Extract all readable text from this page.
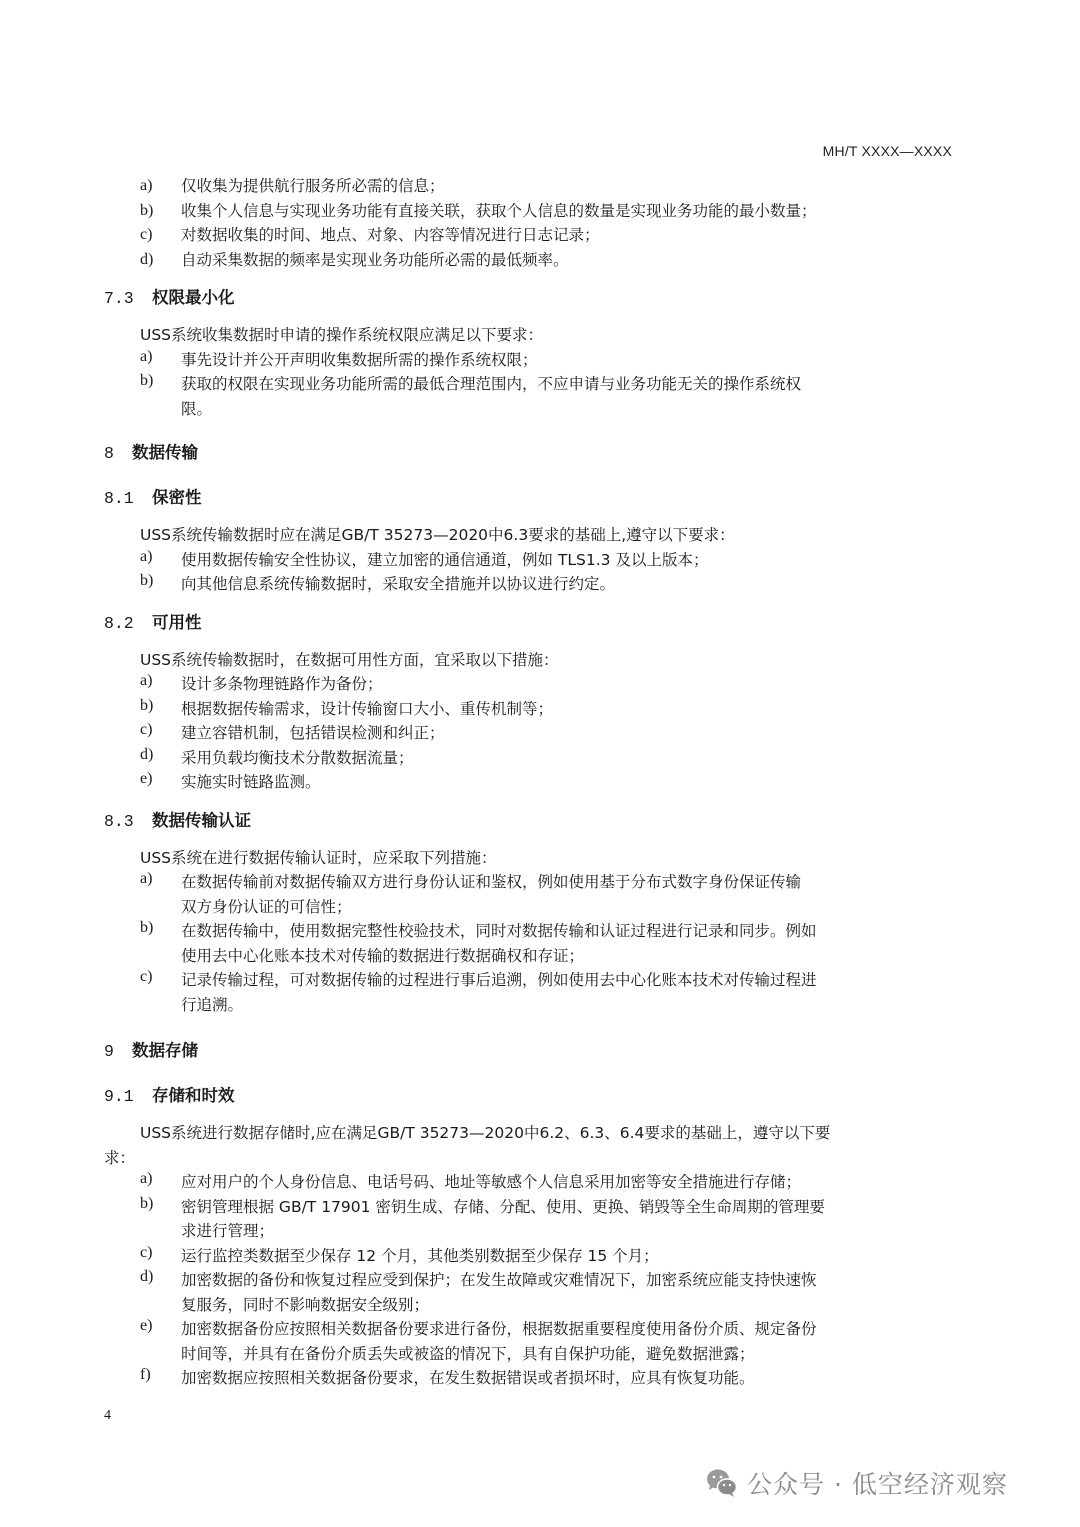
MH/T XXXX—XXXX
a) 仅收集为提供航行服务所必需的信息；
b) 收集个人信息与实现业务功能有直接关联，获取个人信息的数量是实现业务功能的最小数量；
c) 对数据收集的时间、地点、对象、内容等情况进行日志记录；
d) 自动采集数据的频率是实现业务功能所必需的最低频率。
7.3 权限最小化
USS系统收集数据时申请的操作系统权限应满足以下要求：
a) 事先设计并公开声明收集数据所需的操作系统权限；
b) 获取的权限在实现业务功能所需的最低合理范围内，不应申请与业务功能无关的操作系统权
限。
8 数据传输
8.1 保密性
USS系统传输数据时应在满足GB/T 35273—2020中6.3要求的基础上,遵守以下要求：
a) 使用数据传输安全性协议，建立加密的通信通道，例如 TLS1.3 及以上版本；
b) 向其他信息系统传输数据时，采取安全措施并以协议进行约定。
8.2 可用性
USS系统传输数据时，在数据可用性方面，宜采取以下措施：
a) 设计多条物理链路作为备份；
b) 根据数据传输需求，设计传输窗口大小、重传机制等；
c) 建立容错机制，包括错误检测和纠正；
d) 采用负载均衡技术分散数据流量；
e) 实施实时链路监测。
8.3 数据传输认证
USS系统在进行数据传输认证时，应采取下列措施：
a) 在数据传输前对数据传输双方进行身份认证和鉴权，例如使用基于分布式数字身份保证传输
双方身份认证的可信性；
b) 在数据传输中，使用数据完整性校验技术，同时对数据传输和认证过程进行记录和同步。例如
使用去中心化账本技术对传输的数据进行数据确权和存证；
c) 记录传输过程，可对数据传输的过程进行事后追溯，例如使用去中心化账本技术对传输过程进
行追溯。
9 数据存储
9.1 存储和时效
USS系统进行数据存储时,应在满足GB/T 35273—2020中6.2、6.3、6.4要求的基础上，遵守以下要
求：
a) 应对用户的个人身份信息、电话号码、地址等敏感个人信息采用加密等安全措施进行存储；
b) 密钥管理根据 GB/T 17901 密钥生成、存储、分配、使用、更换、销毁等全生命周期的管理要
求进行管理；
c) 运行监控类数据至少保存 12 个月，其他类别数据至少保存 15 个月；
d) 加密数据的备份和恢复过程应受到保护；在发生故障或灾难情况下，加密系统应能支持快速恢
复服务，同时不影响数据安全级别；
e) 加密数据备份应按照相关数据备份要求进行备份，根据数据重要程度使用备份介质、规定备份
时间等，并具有在备份介质丢失或被盗的情况下，具有自保护功能，避免数据泄露；
f) 加密数据应按照相关数据备份要求，在发生数据错误或者损坏时，应具有恢复功能。
4
公众号 · 低空经济观察
